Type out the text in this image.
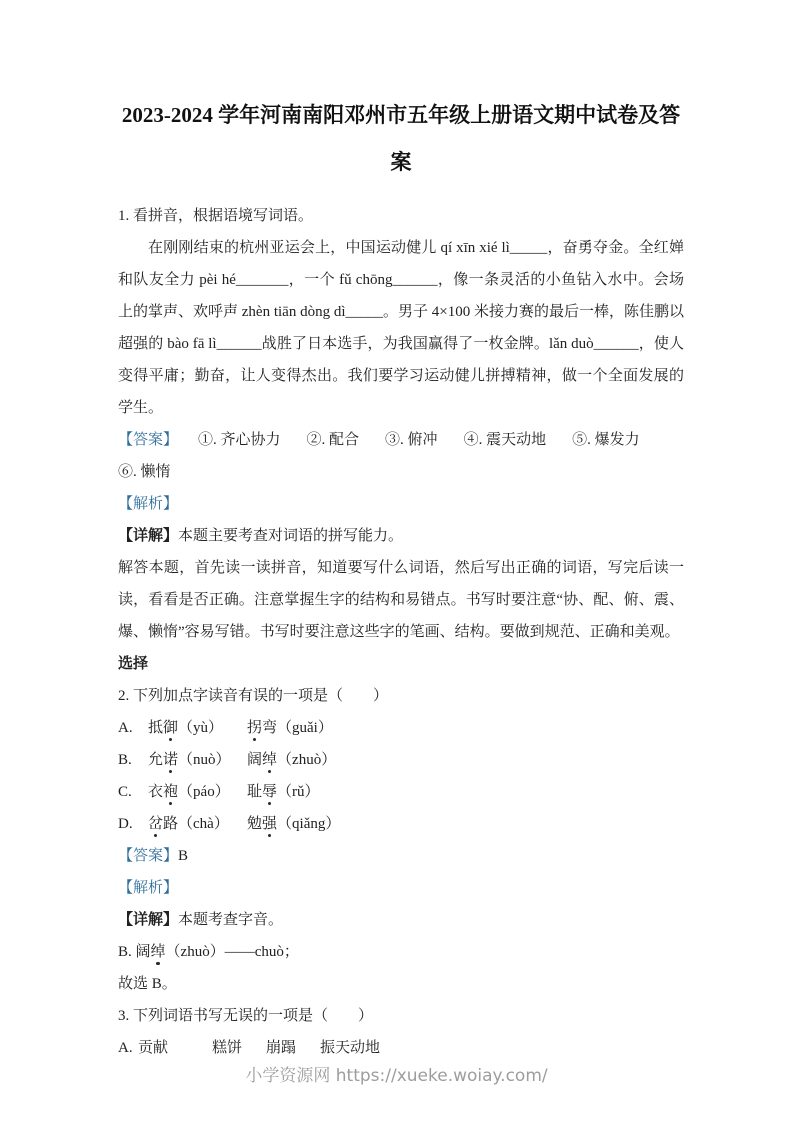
2023-2024 学年河南南阳邓州市五年级上册语文期中试卷及答案

1. 看拼音，根据语境写词语。

在刚刚结束的杭州亚运会上，中国运动健儿 qí xīn xié lì_____，奋勇夺金。全红婵和队友全力 pèi hé_______，一个 fǔ chōng______，像一条灵活的小鱼钻入水中。会场上的掌声、欢呼声 zhèn tiān dòng dì_____。男子 4×100 米接力赛的最后一棒，陈佳鹏以超强的 bào fā lì______战胜了日本选手，为我国赢得了一枚金牌。lǎn duò______，使人变得平庸；勤奋，让人变得杰出。我们要学习运动健儿拼搏精神，做一个全面发展的学生。

【答案】 ①. 齐心协力 ②. 配合 ③. 俯冲 ④. 震天动地 ⑤. 爆发力
⑥. 懒惰

【解析】

【详解】本题主要考查对词语的拼写能力。

解答本题，首先读一读拼音，知道要写什么词语，然后写出正确的词语，写完后读一读，看看是否正确。注意掌握生字的结构和易错点。书写时要注意“协、配、俯、震、爆、懒惰”容易写错。书写时要注意这些字的笔画、结构。要做到规范、正确和美观。

选择

2. 下列加点字读音有误的一项是（　　）

A. 抵御（yù） 拐弯（guǎi）

B. 允诺（nuò） 阔绰（zhuò）

C. 衣袍（páo） 耻辱（rǔ）

D. 岔路（chà） 勉强（qiǎng）

【答案】B

【解析】

【详解】本题考查字音。

B. 阔绰（zhuò）——chuò；

故选 B。

3. 下列词语书写无误的一项是（　　）

A. 贡献	糕饼 崩蹋 振天动地

小学资源网 https://xueke.woiay.com/
